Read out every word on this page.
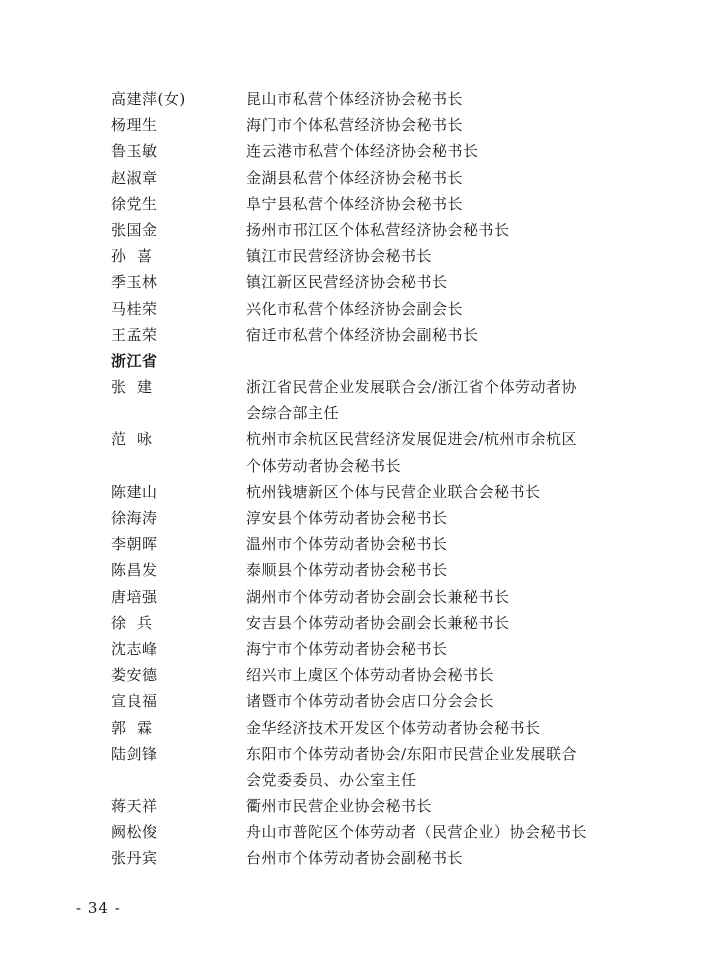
高建萍(女)	昆山市私营个体经济协会秘书长
杨理生	海门市个体私营经济协会秘书长
鲁玉敏	连云港市私营个体经济协会秘书长
赵淑章	金湖县私营个体经济协会秘书长
徐党生	阜宁县私营个体经济协会秘书长
张国金	扬州市邗江区个体私营经济协会秘书长
孙  喜	镇江市民营经济协会秘书长
季玉林	镇江新区民营经济协会秘书长
马桂荣	兴化市私营个体经济协会副会长
王孟荣	宿迁市私营个体经济协会副秘书长
浙江省
张  建	浙江省民营企业发展联合会/浙江省个体劳动者协
会综合部主任
范  咏	杭州市余杭区民营经济发展促进会/杭州市余杭区
个体劳动者协会秘书长
陈建山	杭州钱塘新区个体与民营企业联合会秘书长
徐海涛	淳安县个体劳动者协会秘书长
李朝晖	温州市个体劳动者协会秘书长
陈昌发	泰顺县个体劳动者协会秘书长
唐培强	湖州市个体劳动者协会副会长兼秘书长
徐  兵	安吉县个体劳动者协会副会长兼秘书长
沈志峰	海宁市个体劳动者协会秘书长
娄安德	绍兴市上虞区个体劳动者协会秘书长
宣良福	诸暨市个体劳动者协会店口分会会长
郭  霖	金华经济技术开发区个体劳动者协会秘书长
陆剑锋	东阳市个体劳动者协会/东阳市民营企业发展联合
会党委委员、办公室主任
蒋天祥	衢州市民营企业协会秘书长
阙松俊	舟山市普陀区个体劳动者（民营企业）协会秘书长
张丹宾	台州市个体劳动者协会副秘书长
- 34 -
